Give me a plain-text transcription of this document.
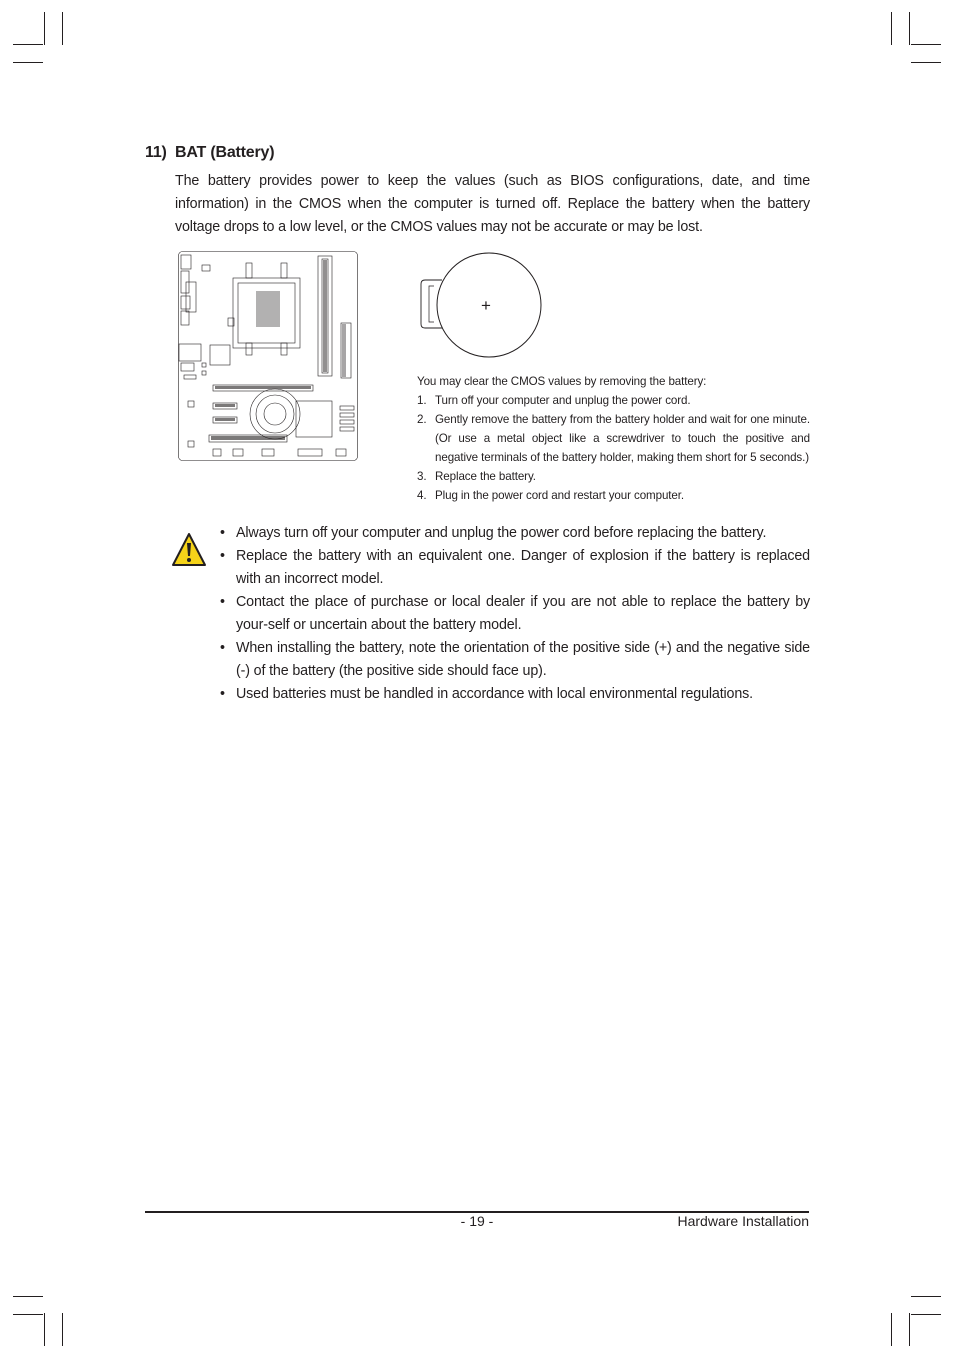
11) BAT (Battery)

The battery provides power to keep the values (such as BIOS configurations, date, and time information) in the CMOS when the computer is turned off. Replace the battery when the battery voltage drops to a low level, or the CMOS values may not be accurate or may be lost.

+

You may clear the CMOS values by removing the battery:

1. Turn off your computer and unplug the power cord.
2. Gently remove the battery from the battery holder and wait for one minute. (Or use a metal object like a screwdriver to touch the positive and negative terminals of the battery holder, making them short for 5 seconds.)
3. Replace the battery.
4. Plug in the power cord and restart your computer.
• Always turn off your computer and unplug the power cord before replacing the battery.
• Replace the battery with an equivalent one. Danger of explosion if the battery is replaced with an incorrect model.
• Contact the place of purchase or local dealer if you are not able to replace the battery by your-self or uncertain about the battery model.
• When installing the battery, note the orientation of the positive side (+) and the negative side (-) of the battery (the positive side should face up).
• Used batteries must be handled in accordance with local environmental regulations.
- 19 -	Hardware Installation
